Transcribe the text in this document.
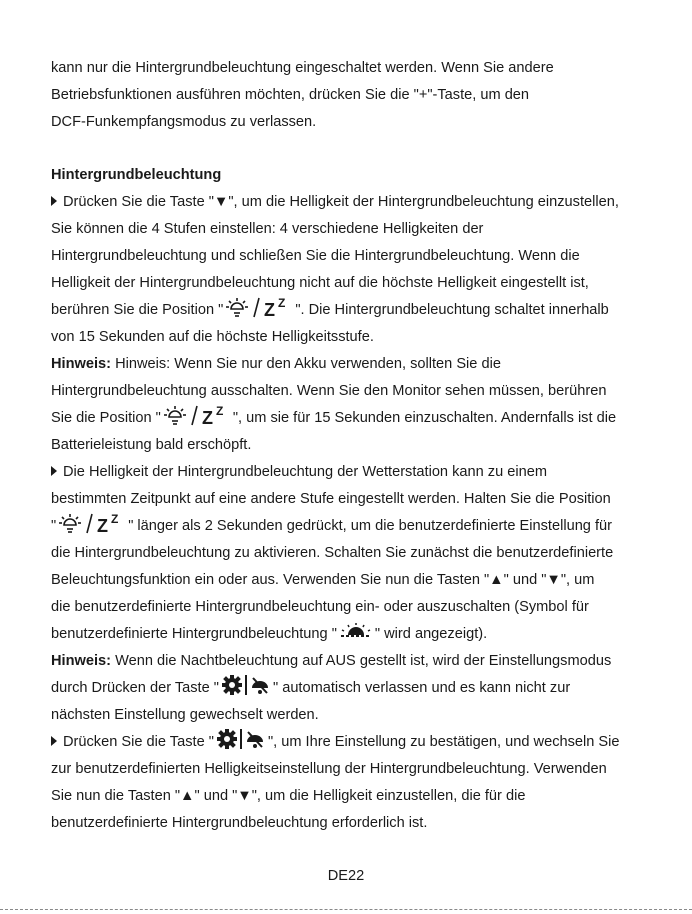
kann nur die Hintergrundbeleuchtung eingeschaltet werden. Wenn Sie andere
Betriebsfunktionen ausführen möchten, drücken Sie die "+"-Taste, um den
DCF-Funkempfangsmodus zu verlassen.
Hintergrundbeleuchtung
Drücken Sie die Taste "▼", um die Helligkeit der Hintergrundbeleuchtung einzustellen,
Sie können die 4 Stufen einstellen: 4 verschiedene Helligkeiten der
Hintergrundbeleuchtung und schließen Sie die Hintergrundbeleuchtung. Wenn die
Helligkeit der Hintergrundbeleuchtung nicht auf die höchste Helligkeit eingestellt ist,
berühren Sie die Position " Z Z ". Die Hintergrundbeleuchtung schaltet innerhalb
von 15 Sekunden auf die höchste Helligkeitsstufe.
Hinweis: Hinweis: Wenn Sie nur den Akku verwenden, sollten Sie die
Hintergrundbeleuchtung ausschalten. Wenn Sie den Monitor sehen müssen, berühren
Sie die Position " Z Z ", um sie für 15 Sekunden einzuschalten. Andernfalls ist die
Batterieleistung bald erschöpft.
Die Helligkeit der Hintergrundbeleuchtung der Wetterstation kann zu einem
bestimmten Zeitpunkt auf eine andere Stufe eingestellt werden. Halten Sie die Position
" Z Z " länger als 2 Sekunden gedrückt, um die benutzerdefinierte Einstellung für
die Hintergrundbeleuchtung zu aktivieren. Schalten Sie zunächst die benutzerdefinierte
Beleuchtungsfunktion ein oder aus. Verwenden Sie nun die Tasten "▲" und "▼", um
die benutzerdefinierte Hintergrundbeleuchtung ein- oder auszuschalten (Symbol für
benutzerdefinierte Hintergrundbeleuchtung "	" wird angezeigt).
Hinweis: Wenn die Nachtbeleuchtung auf AUS gestellt ist, wird der Einstellungsmodus
durch Drücken der Taste "	" automatisch verlassen und es kann nicht zur
nächsten Einstellung gewechselt werden.
Drücken Sie die Taste "	", um Ihre Einstellung zu bestätigen, und wechseln Sie
zur benutzerdefinierten Helligkeitseinstellung der Hintergrundbeleuchtung. Verwenden
Sie nun die Tasten "▲" und "▼", um die Helligkeit einzustellen, die für die
benutzerdefinierte Hintergrundbeleuchtung erforderlich ist.
DE22
